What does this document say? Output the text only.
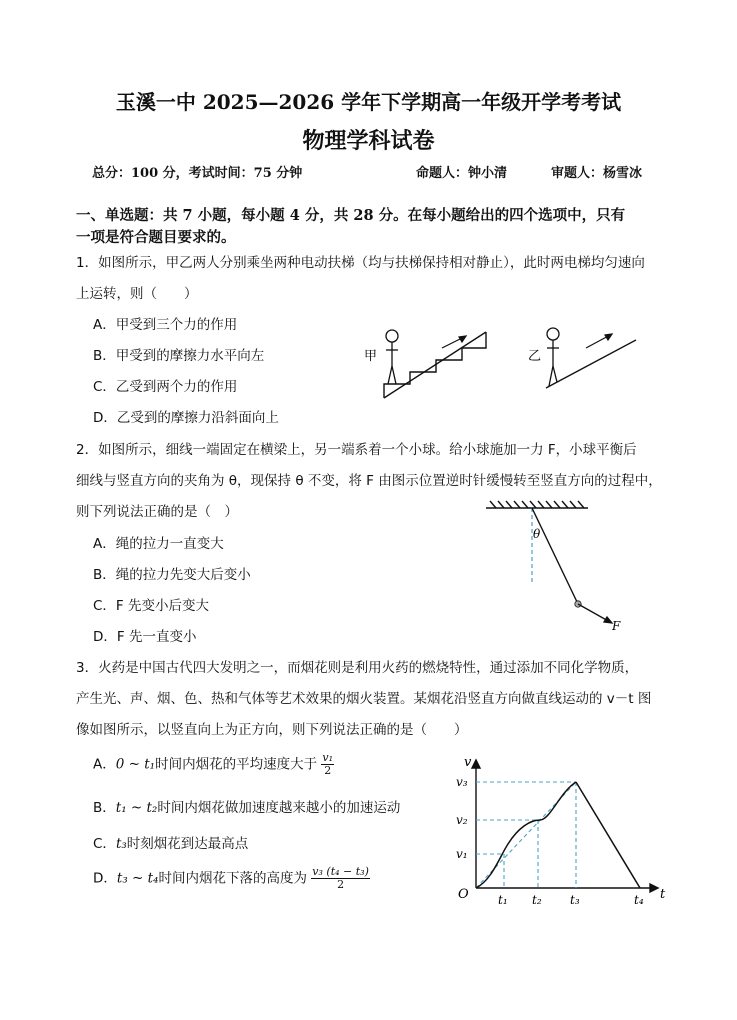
玉溪一中 2025—2026 学年下学期高一年级开学考考试
物理学科试卷
总分：100 分，考试时间：75 分钟	命题人：钟小清	审题人：杨雪冰
一、单选题：共 7 小题，每小题 4 分，共 28 分。在每小题给出的四个选项中，只有
一项是符合题目要求的。
1．如图所示，甲乙两人分别乘坐两种电动扶梯（均与扶梯保持相对静止），此时两电梯均匀速向
上运转，则（　　）
A．甲受到三个力的作用
B．甲受到的摩擦力水平向左
C．乙受到两个力的作用
D．乙受到的摩擦力沿斜面向上
甲	乙
2．如图所示，细线一端固定在横梁上，另一端系着一个小球。给小球施加一力 F，小球平衡后
细线与竖直方向的夹角为 θ，现保持 θ 不变，将 F 由图示位置逆时针缓慢转至竖直方向的过程中，
则下列说法正确的是（　）
A．绳的拉力一直变大
B．绳的拉力先变大后变小
C．F 先变小后变大
D．F 先一直变小
θ
F
3．火药是中国古代四大发明之一，而烟花则是利用火药的燃烧特性，通过添加不同化学物质，
产生光、声、烟、色、热和气体等艺术效果的烟火装置。某烟花沿竖直方向做直线运动的 v－t 图
像如图所示，以竖直向上为正方向，则下列说法正确的是（　　）
A．0 ~ t₁时间内烟花的平均速度大于 $\frac{\text{v₁}}{2}$
B．t₁ ~ t₂时间内烟花做加速度越来越小的加速运动
C．t₃时刻烟花到达最高点
D．t₃ ~ t₄时间内烟花下落的高度为 $\frac{\text{v₃ (t₄ − t₃)}}{2}$
v
t
O
v₃
v₂
v₁
t₁ t₂ t₃	t₄
